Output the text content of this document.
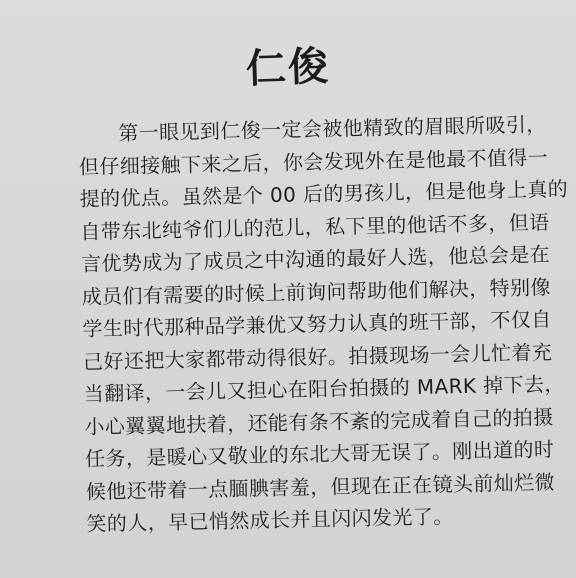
仁俊
第一眼见到仁俊一定会被他精致的眉眼所吸引，
但仔细接触下来之后，你会发现外在是他最不值得一
提的优点。虽然是个 00 后的男孩儿，但是他身上真的
自带东北纯爷们儿的范儿，私下里的他话不多，但语
言优势成为了成员之中沟通的最好人选，他总会是在
成员们有需要的时候上前询问帮助他们解决，特别像
学生时代那种品学兼优又努力认真的班干部，不仅自
己好还把大家都带动得很好。拍摄现场一会儿忙着充
当翻译，一会儿又担心在阳台拍摄的 MARK 掉下去，
小心翼翼地扶着，还能有条不紊的完成着自己的拍摄
任务，是暖心又敬业的东北大哥无误了。刚出道的时
候他还带着一点腼腆害羞，但现在正在镜头前灿烂微
笑的人，早已悄然成长并且闪闪发光了。
